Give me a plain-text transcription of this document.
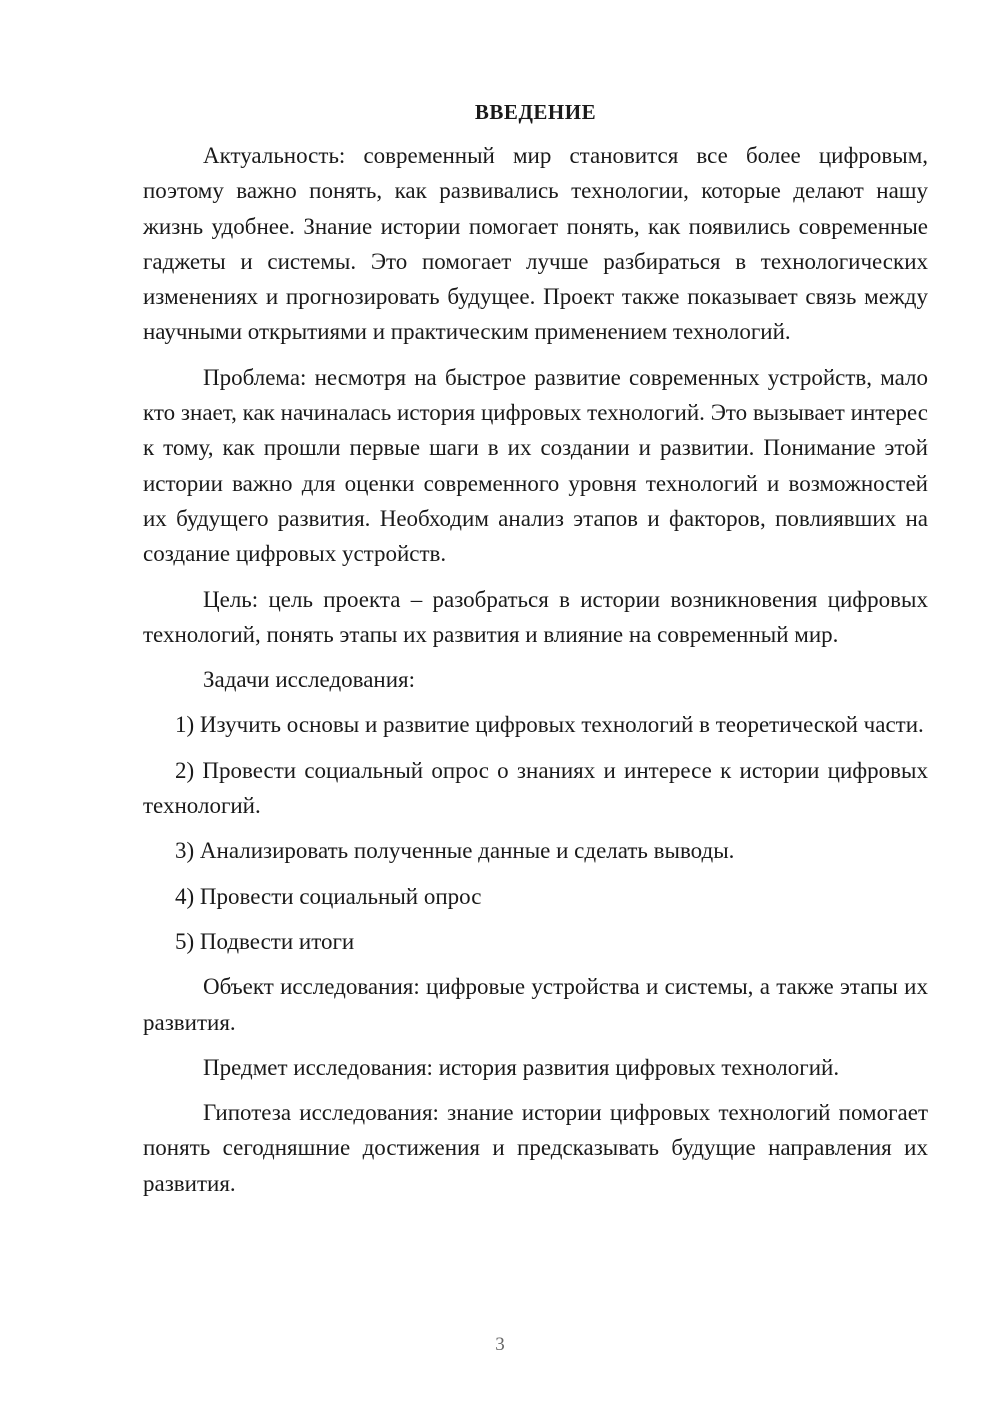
ВВЕДЕНИЕ

Актуальность: современный мир становится все более цифровым, поэтому важно понять, как развивались технологии, которые делают нашу жизнь удобнее. Знание истории помогает понять, как появились современные гаджеты и системы. Это помогает лучше разбираться в технологических изменениях и прогнозировать будущее. Проект также показывает связь между научными открытиями и практическим применением технологий.

Проблема: несмотря на быстрое развитие современных устройств, мало кто знает, как начиналась история цифровых технологий. Это вызывает интерес к тому, как прошли первые шаги в их создании и развитии. Понимание этой истории важно для оценки современного уровня технологий и возможностей их будущего развития. Необходим анализ этапов и факторов, повлиявших на создание цифровых устройств.

Цель: цель проекта – разобраться в истории возникновения цифровых технологий, понять этапы их развития и влияние на современный мир.

Задачи исследования:

1) Изучить основы и развитие цифровых технологий в теоретической части.

2) Провести социальный опрос о знаниях и интересе к истории цифровых технологий.

3) Анализировать полученные данные и сделать выводы.

4) Провести социальный опрос

5) Подвести итоги

Объект исследования: цифровые устройства и системы, а также этапы их развития.

Предмет исследования: история развития цифровых технологий.

Гипотеза исследования: знание истории цифровых технологий помогает понять сегодняшние достижения и предсказывать будущие направления их развития.

3
